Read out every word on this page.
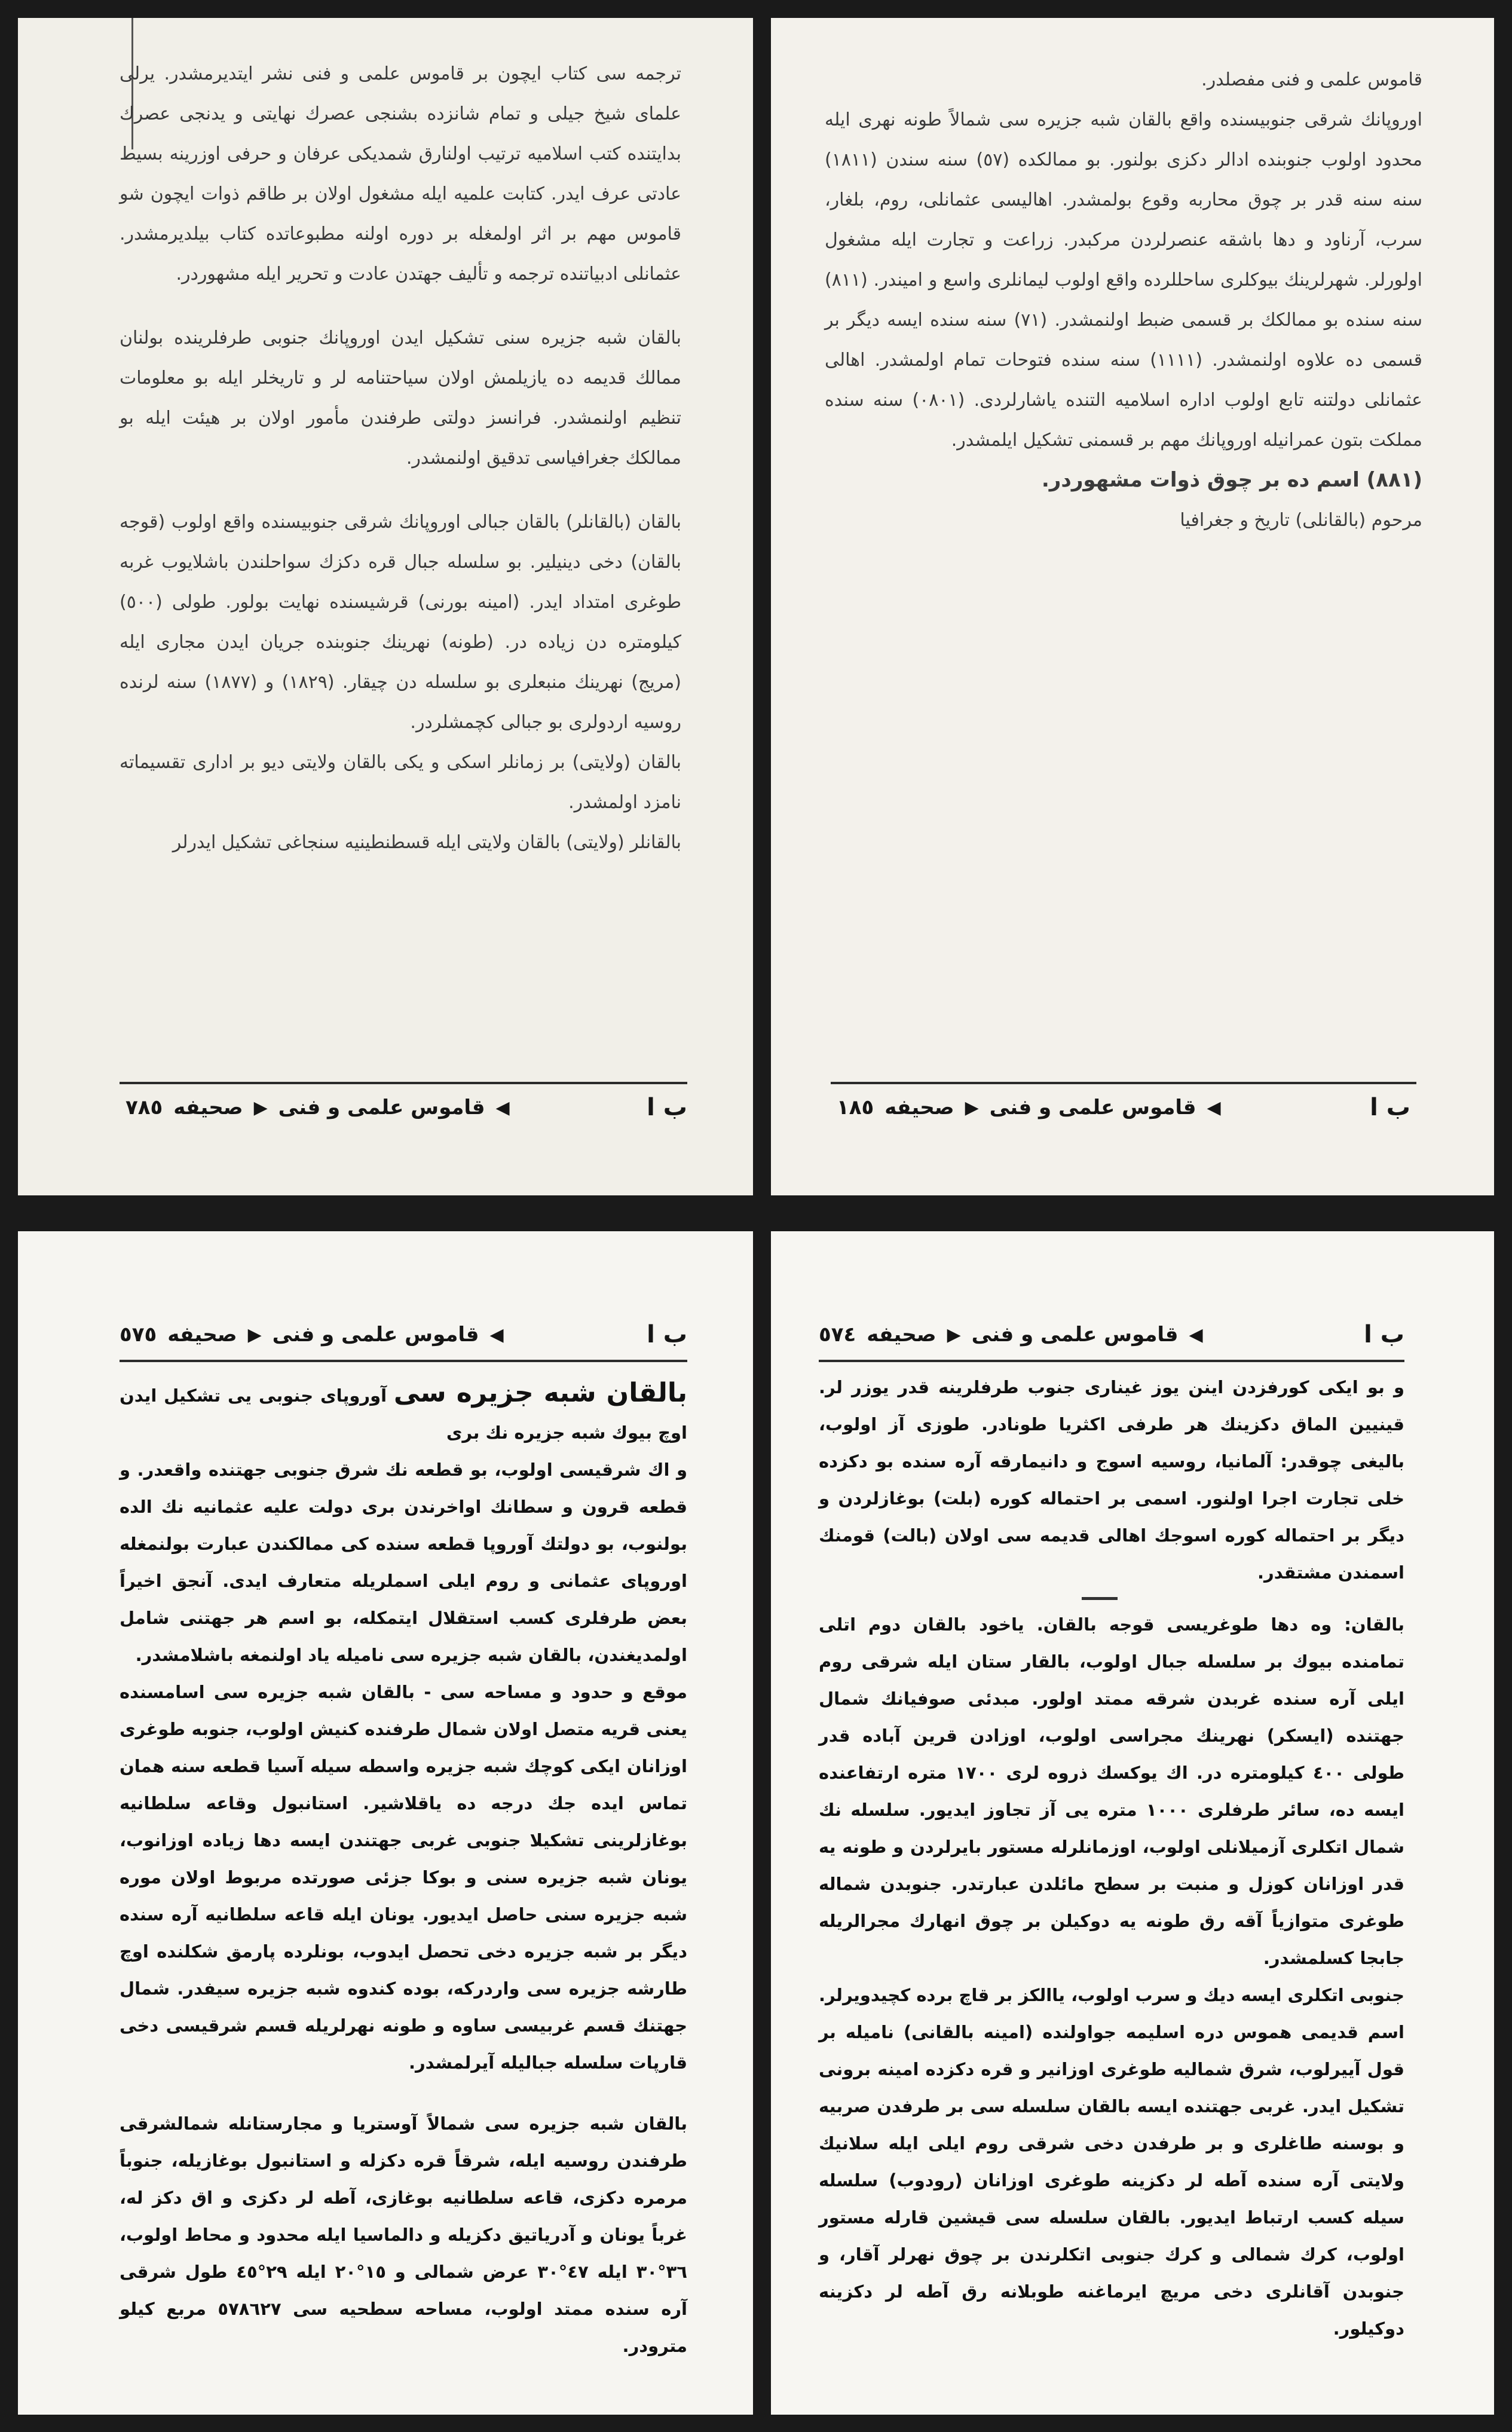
ترجمه سی کتاب ایچون بر قاموس علمی و فنی نشر ایتدیرمشدر. یرلی علمای شیخ جیلی و تمام شانزده بشنجی عصرك نهایتی و یدنجی عصرك بدایتنده کتب اسلامیه ترتیب اولنارق شمدیکی عرفان و حرفی اوزرینه بسیط عادتی عرف ایدر. کتابت علمیه ایله مشغول اولان بر طاقم ذوات ایچون شو قاموس مهم بر اثر اولمغله بر دوره اولنه مطبوعاتده کتاب بیلدیرمشدر. عثمانلی ادبیاتنده ترجمه و تألیف جهتدن عادت و تحریر ایله مشهوردر.

بالقان شبه جزیره سنی تشکیل ایدن اوروپانك جنوبی طرفلرینده بولنان ممالك قدیمه ده یازیلمش اولان سیاحتنامه لر و تاریخلر ایله بو معلومات تنظیم اولنمشدر. فرانسز دولتی طرفندن مأمور اولان بر هیئت ایله بو ممالکك جغرافیاسی تدقیق اولنمشدر.

بالقان (بالقانلر) بالقان جبالی اوروپانك شرقی جنوبیسنده واقع اولوب (قوجه بالقان) دخی دینیلیر. بو سلسله جبال قره دکزك سواحلندن باشلایوب غربه طوغری امتداد ایدر. (امینه بورنی) قرشیسنده نهایت بولور. طولی (٥٠٠) کیلومتره دن زیاده در. (طونه) نهرینك جنوبنده جریان ایدن مجاری ایله (مریج) نهرینك منبعلری بو سلسله دن چیقار. (١٨٢٩) و (١٨٧٧) سنه لرنده روسیه اردولری بو جبالی کچمشلردر.

بالقان (ولایتی) بر زمانلر اسکی و یکی بالقان ولایتی دیو بر اداری تقسیماته نامزد اولمشدر.

بالقانلر (ولایتی) بالقان ولایتی ایله قسطنطینیه سنجاغی تشکیل ایدرلر

ب ا
◀
قاموس علمی و فنی
▶
صحيفه
٧٨٥

قاموس علمی و فنی مفصلدر.

اوروپانك شرقی جنوبیسنده واقع بالقان شبه جزیره سی شمالاً طونه نهری ایله محدود اولوب جنوبنده ادالر دکزی بولنور. بو ممالکده (٥٧) سنه سندن (١٨١١) سنه سنه قدر بر چوق محاربه وقوع بولمشدر. اهالیسی عثمانلی، روم، بلغار، سرب، آرناود و دها باشقه عنصرلردن مرکبدر. زراعت و تجارت ایله مشغول اولورلر. شهرلرینك بیوکلری ساحللرده واقع اولوب لیمانلری واسع و امیندر. (٨١١) سنه سنده بو ممالکك بر قسمی ضبط اولنمشدر. (٧١) سنه سنده ایسه دیگر بر قسمی ده علاوه اولنمشدر. (١١١١) سنه سنده فتوحات تمام اولمشدر. اهالی عثمانلی دولتنه تابع اولوب اداره اسلامیه التنده یاشارلردی. (٠٨٠١) سنه سنده مملکت بتون عمرانیله اوروپانك مهم بر قسمنی تشکیل ایلمشدر.

(٨٨١) اسم ده بر چوق ذوات مشهوردر.

مرحوم (بالقانلی) تاریخ و جغرافیا

ب ا
◀
قاموس علمی و فنی
▶
صحيفه
١٨٥
ب ا
◀
قاموس علمی و فنی
▶
صحيفه
٥٧٥

بالقان شبه جزیره سی آوروپای جنوبی یی تشکیل ایدن اوچ بیوك شبه جزیره نك بری

و اك شرقیسی اولوب، بو قطعه نك شرق جنوبی جهتنده واقعدر. و قطعه قرون و سطانك اواخرندن بری دولت علیه عثمانیه نك الده بولنوب، بو دولتك آوروپا قطعه سنده کی ممالکندن عبارت بولنمغله اوروپای عثمانی و روم ایلی اسملریله متعارف ایدی. آنجق اخیراً بعض طرفلری کسب استقلال ایتمکله، بو اسم هر جهتنی شامل اولمدیغندن، بالقان شبه جزیره سی نامیله یاد اولنمغه باشلامشدر.

موقع و حدود و مساحه سی - بالقان شبه جزیره سی اسامسنده یعنی قریه متصل اولان شمال طرفنده کنیش اولوب، جنوبه طوغری اوزانان ایکی کوچك شبه جزیره واسطه سیله آسیا قطعه سنه همان تماس ایده جك درجه ده یاقلاشیر. استانبول وقاعه سلطانیه بوغازلرینی تشکیلا جنوبی غربی جهتندن ایسه دها زیاده اوزانوب، یونان شبه جزیره سنی و بوکا جزئی صورتده مربوط اولان موره شبه جزیره سنی حاصل ایدیور. یونان ایله قاعه سلطانیه آره سنده دیگر بر شبه جزیره دخی تحصل ایدوب، بونلرده پارمق شکلنده اوچ طارشه جزیره سی واردرکه، بوده کندوه شبه جزیره سیفدر. شمال جهتنك قسم غربیسی ساوه و طونه نهرلریله قسم شرقیسی دخی قارپات سلسله جبالیله آیرلمشدر.

بالقان شبه جزیره سی شمالاً آوستریا و مجارستانله شمالشرقی طرفندن روسیه ایله، شرقاً قره دکزله و استانبول بوغازیله، جنوباً مرمره دکزی، قاعه سلطانیه بوغازی، آطه لر دکزی و اق دکز له، غرباً یونان و آدریاتیق دکزیله و دالماسیا ایله محدود و محاط اولوب، ٣٦°٣٠ ایله ٤٧°٣٠ عرض شمالی و ١٥°٢٠ ایله ٢٩°٤٥ طول شرقی آره سنده ممتد اولوب، مساحه سطحیه سی ٥٧٨٦٢٧ مربع کیلو مترودر.

ب ا
◀
قاموس علمی و فنی
▶
صحيفه
٥٧٤

و بو ایکی کورفزدن اینن یوز غیناری جنوب طرفلرینه قدر یوزر لر. قینیین الماق دکزینك هر طرفی اکثریا طونادر. طوزی آز اولوب، بالیغی چوقدر: آلمانیا، روسیه اسوج و دانیمارقه آره سنده بو دکزده خلی تجارت اجرا اولنور. اسمی بر احتماله کوره (بلت) بوغازلردن و دیگر بر احتماله کوره اسوجك اهالی قدیمه سی اولان (بالت) قومنك اسمندن مشتقدر.

بالقان: وه دها طوغریسی قوجه بالقان. یاخود بالقان دوم اتلی تمامنده بیوك بر سلسله جبال اولوب، بالقار ستان ایله شرقی روم ایلی آره سنده غربدن شرقه ممتد اولور. مبدئی صوفیانك شمال جهتنده (ایسکر) نهرینك مجراسی اولوب، اوزادن قرین آباده قدر طولی ٤٠٠ کیلومتره در. اك یوکسك ذروه لری ١٧٠٠ متره ارتفاعنده ایسه ده، سائر طرفلری ١٠٠٠ متره یی آز تجاوز ایدیور. سلسله نك شمال اتکلری آزمیلانلی اولوب، اوزمانلرله مستور بایرلردن و طونه یه قدر اوزانان کوزل و منبت بر سطح مائلدن عبارتدر. جنوبدن شماله طوغری متوازیاً آقه رق طونه یه دوکیلن بر چوق انهارك مجرالریله جابجا کسلمشدر.

جنوبی اتکلری ایسه دیك و سرب اولوب، یاالکز بر قاچ برده کچیدویرلر. اسم قدیمی هموس دره اسلیمه جواولنده (امینه بالقانی) نامیله بر قول آییرلوب، شرق شمالیه طوغری اوزانیر و قره دکزده امینه برونی تشکیل ایدر. غربی جهتنده ایسه بالقان سلسله سی بر طرفدن صربیه و بوسنه طاغلری و بر طرفدن دخی شرقی روم ایلی ایله سلانیك ولایتی آره سنده آطه لر دکزینه طوغری اوزانان (رودوب) سلسله سیله کسب ارتباط ایدیور. بالقان سلسله سی قیشین قارله مستور اولوب، کرك شمالی و کرك جنوبی اتکلرندن بر چوق نهرلر آقار، و جنوبدن آقانلری دخی مریچ ایرماغنه طوبلانه رق آطه لر دکزینه دوکیلور.
